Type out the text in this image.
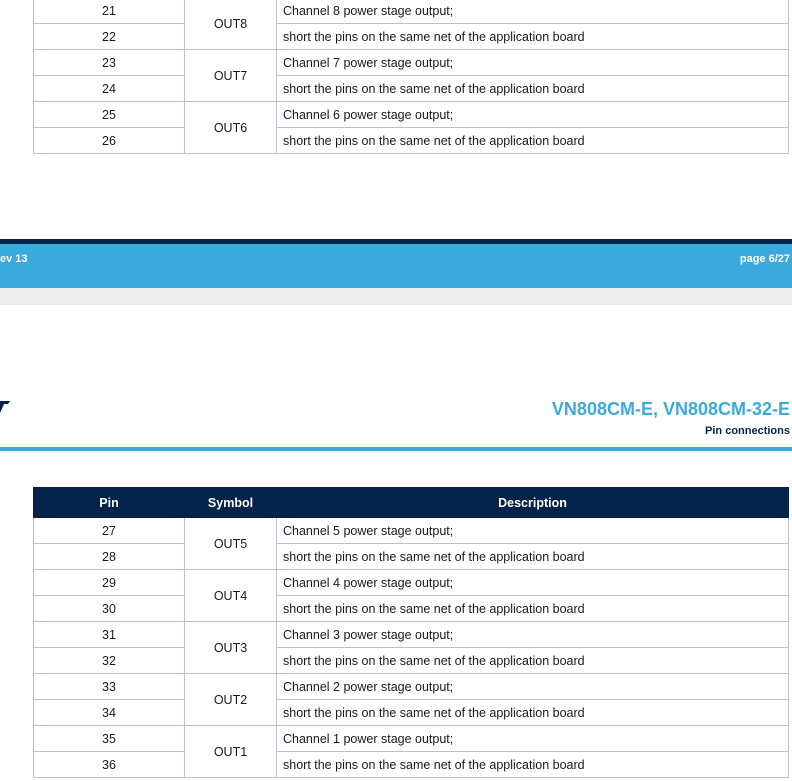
21	OUT8	Channel 8 power stage output;
22		short the pins on the same net of the application board
23	OUT7	Channel 7 power stage output;
24		short the pins on the same net of the application board
25	OUT6	Channel 6 power stage output;
26		short the pins on the same net of the application board
ev 13	page 6/27
VN808CM-E, VN808CM-32-E
Pin connections
Pin	Symbol	Description
27	OUT5	Channel 5 power stage output;
28		short the pins on the same net of the application board
29	OUT4	Channel 4 power stage output;
30		short the pins on the same net of the application board
31	OUT3	Channel 3 power stage output;
32		short the pins on the same net of the application board
33	OUT2	Channel 2 power stage output;
34		short the pins on the same net of the application board
35	OUT1	Channel 1 power stage output;
36		short the pins on the same net of the application board
